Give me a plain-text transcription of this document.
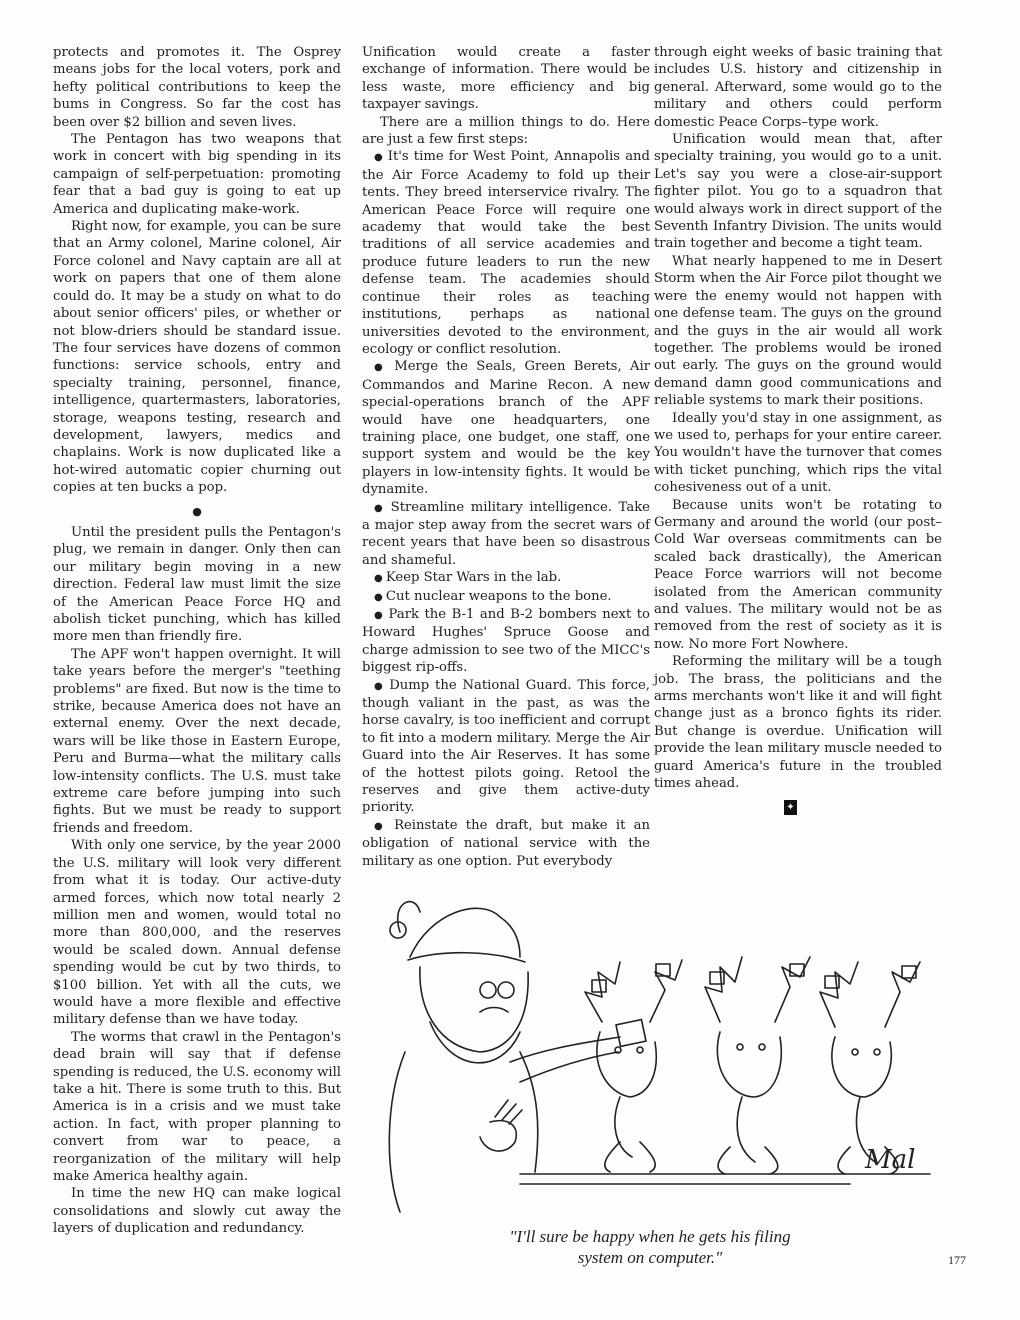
protects and promotes it. The Osprey means jobs for the local voters, pork and hefty political contributions to keep the bums in Congress. So far the cost has been over $2 billion and seven lives.

The Pentagon has two weapons that work in concert with big spending in its campaign of self-perpetuation: promoting fear that a bad guy is going to eat up America and duplicating make-work.

Right now, for example, you can be sure that an Army colonel, Marine colonel, Air Force colonel and Navy captain are all at work on papers that one of them alone could do. It may be a study on what to do about senior officers' piles, or whether or not blow-driers should be standard issue. The four services have dozens of common functions: service schools, entry and specialty training, personnel, finance, intelligence, quartermasters, laboratories, storage, weapons testing, research and development, lawyers, medics and chaplains. Work is now duplicated like a hot-wired automatic copier churning out copies at ten bucks a pop.

●

Until the president pulls the Pentagon's plug, we remain in danger. Only then can our military begin moving in a new direction. Federal law must limit the size of the American Peace Force HQ and abolish ticket punching, which has killed more men than friendly fire.

The APF won't happen overnight. It will take years before the merger's "teething problems" are fixed. But now is the time to strike, because America does not have an external enemy. Over the next decade, wars will be like those in Eastern Europe, Peru and Burma—what the military calls low-intensity conflicts. The U.S. must take extreme care before jumping into such fights. But we must be ready to support friends and freedom.

With only one service, by the year 2000 the U.S. military will look very different from what it is today. Our active-duty armed forces, which now total nearly 2 million men and women, would total no more than 800,000, and the reserves would be scaled down. Annual defense spending would be cut by two thirds, to $100 billion. Yet with all the cuts, we would have a more flexible and effective military defense than we have today.

The worms that crawl in the Pentagon's dead brain will say that if defense spending is reduced, the U.S. economy will take a hit. There is some truth to this. But America is in a crisis and we must take action. In fact, with proper planning to convert from war to peace, a reorganization of the military will help make America healthy again.

In time the new HQ can make logical consolidations and slowly cut away the layers of duplication and redundancy.

Unification would create a faster exchange of information. There would be less waste, more efficiency and big taxpayer savings.

There are a million things to do. Here are just a few first steps:

● It's time for West Point, Annapolis and the Air Force Academy to fold up their tents. They breed interservice rivalry. The American Peace Force will require one academy that would take the best traditions of all service academies and produce future leaders to run the new defense team. The academies should continue their roles as teaching institutions, perhaps as national universities devoted to the environment, ecology or conflict resolution.

● Merge the Seals, Green Berets, Air Commandos and Marine Recon. A new special-operations branch of the APF would have one headquarters, one training place, one budget, one staff, one support system and would be the key players in low-intensity fights. It would be dynamite.

● Streamline military intelligence. Take a major step away from the secret wars of recent years that have been so disastrous and shameful.

● Keep Star Wars in the lab.

● Cut nuclear weapons to the bone.

● Park the B-1 and B-2 bombers next to Howard Hughes' Spruce Goose and charge admission to see two of the MICC's biggest rip-offs.

● Dump the National Guard. This force, though valiant in the past, as was the horse cavalry, is too inefficient and corrupt to fit into a modern military. Merge the Air Guard into the Air Reserves. It has some of the hottest pilots going. Retool the reserves and give them active-duty priority.

● Reinstate the draft, but make it an obligation of national service with the military as one option. Put everybody

through eight weeks of basic training that includes U.S. history and citizenship in general. Afterward, some would go to the military and others could perform domestic Peace Corps–type work.

Unification would mean that, after specialty training, you would go to a unit. Let's say you were a close-air-support fighter pilot. You go to a squadron that would always work in direct support of the Seventh Infantry Division. The units would train together and become a tight team.

What nearly happened to me in Desert Storm when the Air Force pilot thought we were the enemy would not happen with one defense team. The guys on the ground and the guys in the air would all work together. The problems would be ironed out early. The guys on the ground would demand damn good communications and reliable systems to mark their positions.

Ideally you'd stay in one assignment, as we used to, perhaps for your entire career. You wouldn't have the turnover that comes with ticket punching, which rips the vital cohesiveness out of a unit.

Because units won't be rotating to Germany and around the world (our post–Cold War overseas commitments can be scaled back drastically), the American Peace Force warriors will not become isolated from the American community and values. The military would not be as removed from the rest of society as it is now. No more Fort Nowhere.

Reforming the military will be a tough job. The brass, the politicians and the arms merchants won't like it and will fight change just as a bronco fights its rider. But change is overdue. Unification will provide the lean military muscle needed to guard America's future in the troubled times ahead.

✦
Mal
"I'll sure be happy when he gets his filing
system on computer."	177
